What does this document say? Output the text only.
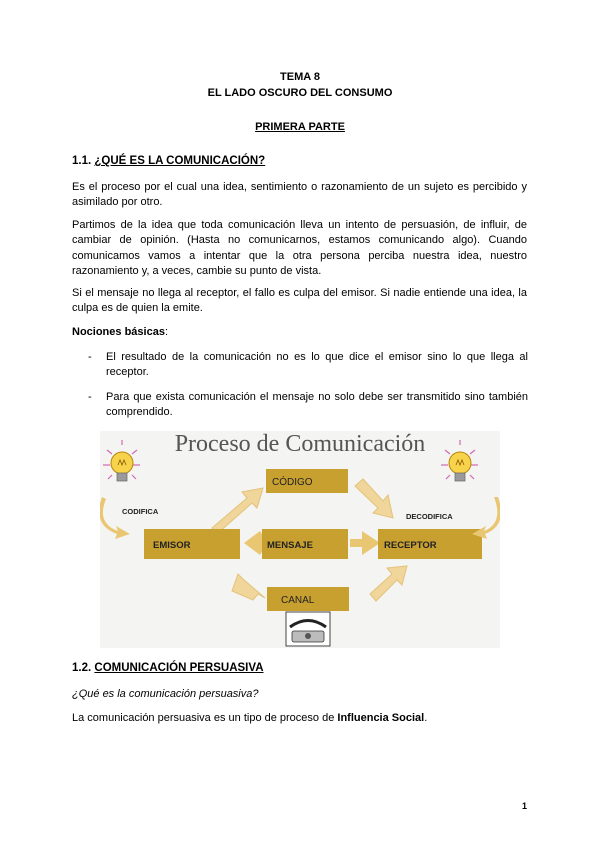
TEMA 8
EL LADO OSCURO DEL CONSUMO
PRIMERA PARTE
1.1. ¿QUÉ ES LA COMUNICACIÓN?
Es el proceso por el cual una idea, sentimiento o razonamiento de un sujeto es percibido y asimilado por otro.
Partimos de la idea que toda comunicación lleva un intento de persuasión, de influir, de cambiar de opinión. (Hasta no comunicarnos, estamos comunicando algo). Cuando comunicamos vamos a intentar que la otra persona perciba nuestra idea, nuestro razonamiento y, a veces, cambie su punto de vista.
Si el mensaje no llega al receptor, el fallo es culpa del emisor. Si nadie entiende una idea, la culpa es de quien la emite.
Nociones básicas:
- El resultado de la comunicación no es lo que dice el emisor sino lo que llega al receptor.
- Para que exista comunicación el mensaje no solo debe ser transmitido sino también comprendido.
Proceso de Comunicación
CÓDIGO
EMISOR	MENSAJE	RECEPTOR
CANAL
CODIFICA
DECODIFICA
1.2. COMUNICACIÓN PERSUASIVA
¿Qué es la comunicación persuasiva?
La comunicación persuasiva es un tipo de proceso de Influencia Social.
1
